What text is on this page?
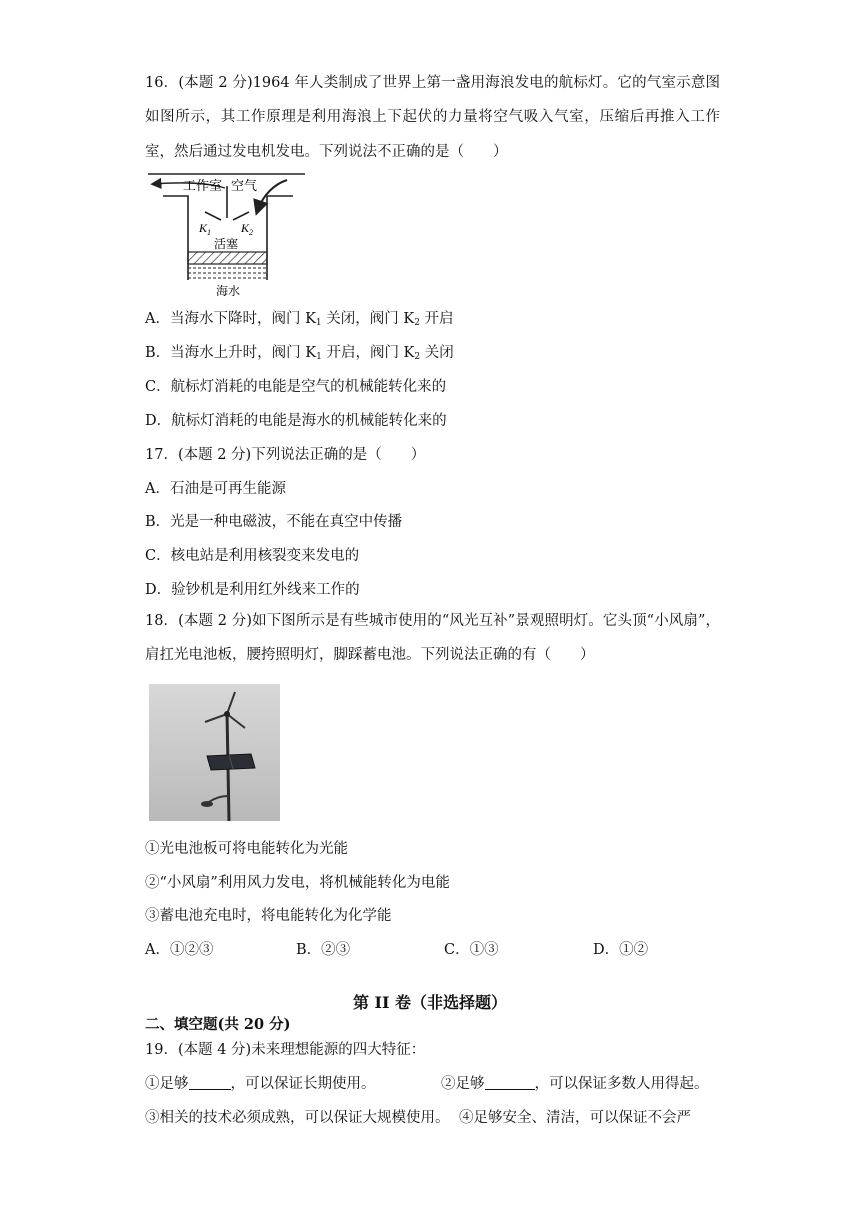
16．(本题 2 分)1964 年人类制成了世界上第一盏用海浪发电的航标灯。它的气室示意图如图所示，其工作原理是利用海浪上下起伏的力量将空气吸入气室，压缩后再推入工作室，然后通过发电机发电。下列说法不正确的是（　　）
工作室 空气
$K_1$ $K_2$
活塞
海水
A．当海水下降时，阀门 $K_1$ 关闭，阀门 $K_2$ 开启
B．当海水上升时，阀门 $K_1$ 开启，阀门 $K_2$ 关闭
C．航标灯消耗的电能是空气的机械能转化来的
D．航标灯消耗的电能是海水的机械能转化来的
17．(本题 2 分)下列说法正确的是（　　）
A．石油是可再生能源
B．光是一种电磁波，不能在真空中传播
C．核电站是利用核裂变来发电的
D．验钞机是利用红外线来工作的
18．(本题 2 分)如下图所示是有些城市使用的“风光互补”景观照明灯。它头顶“小风扇”，肩扛光电池板，腰挎照明灯，脚踩蓄电池。下列说法正确的有（　　）
①光电池板可将电能转化为光能
②“小风扇”利用风力发电，将机械能转化为电能
③蓄电池充电时，将电能转化为化学能
A．①②③	B．②③	C．①③	D．①②
第 II 卷（非选择题）
二、填空题(共 20 分)
19．(本题 4 分)未来理想能源的四大特征：
①足够	，可以保证长期使用。	②足够	，可以保证多数人用得起。
③相关的技术必须成熟，可以保证大规模使用。 ④足够安全、清洁，可以保证不会严
